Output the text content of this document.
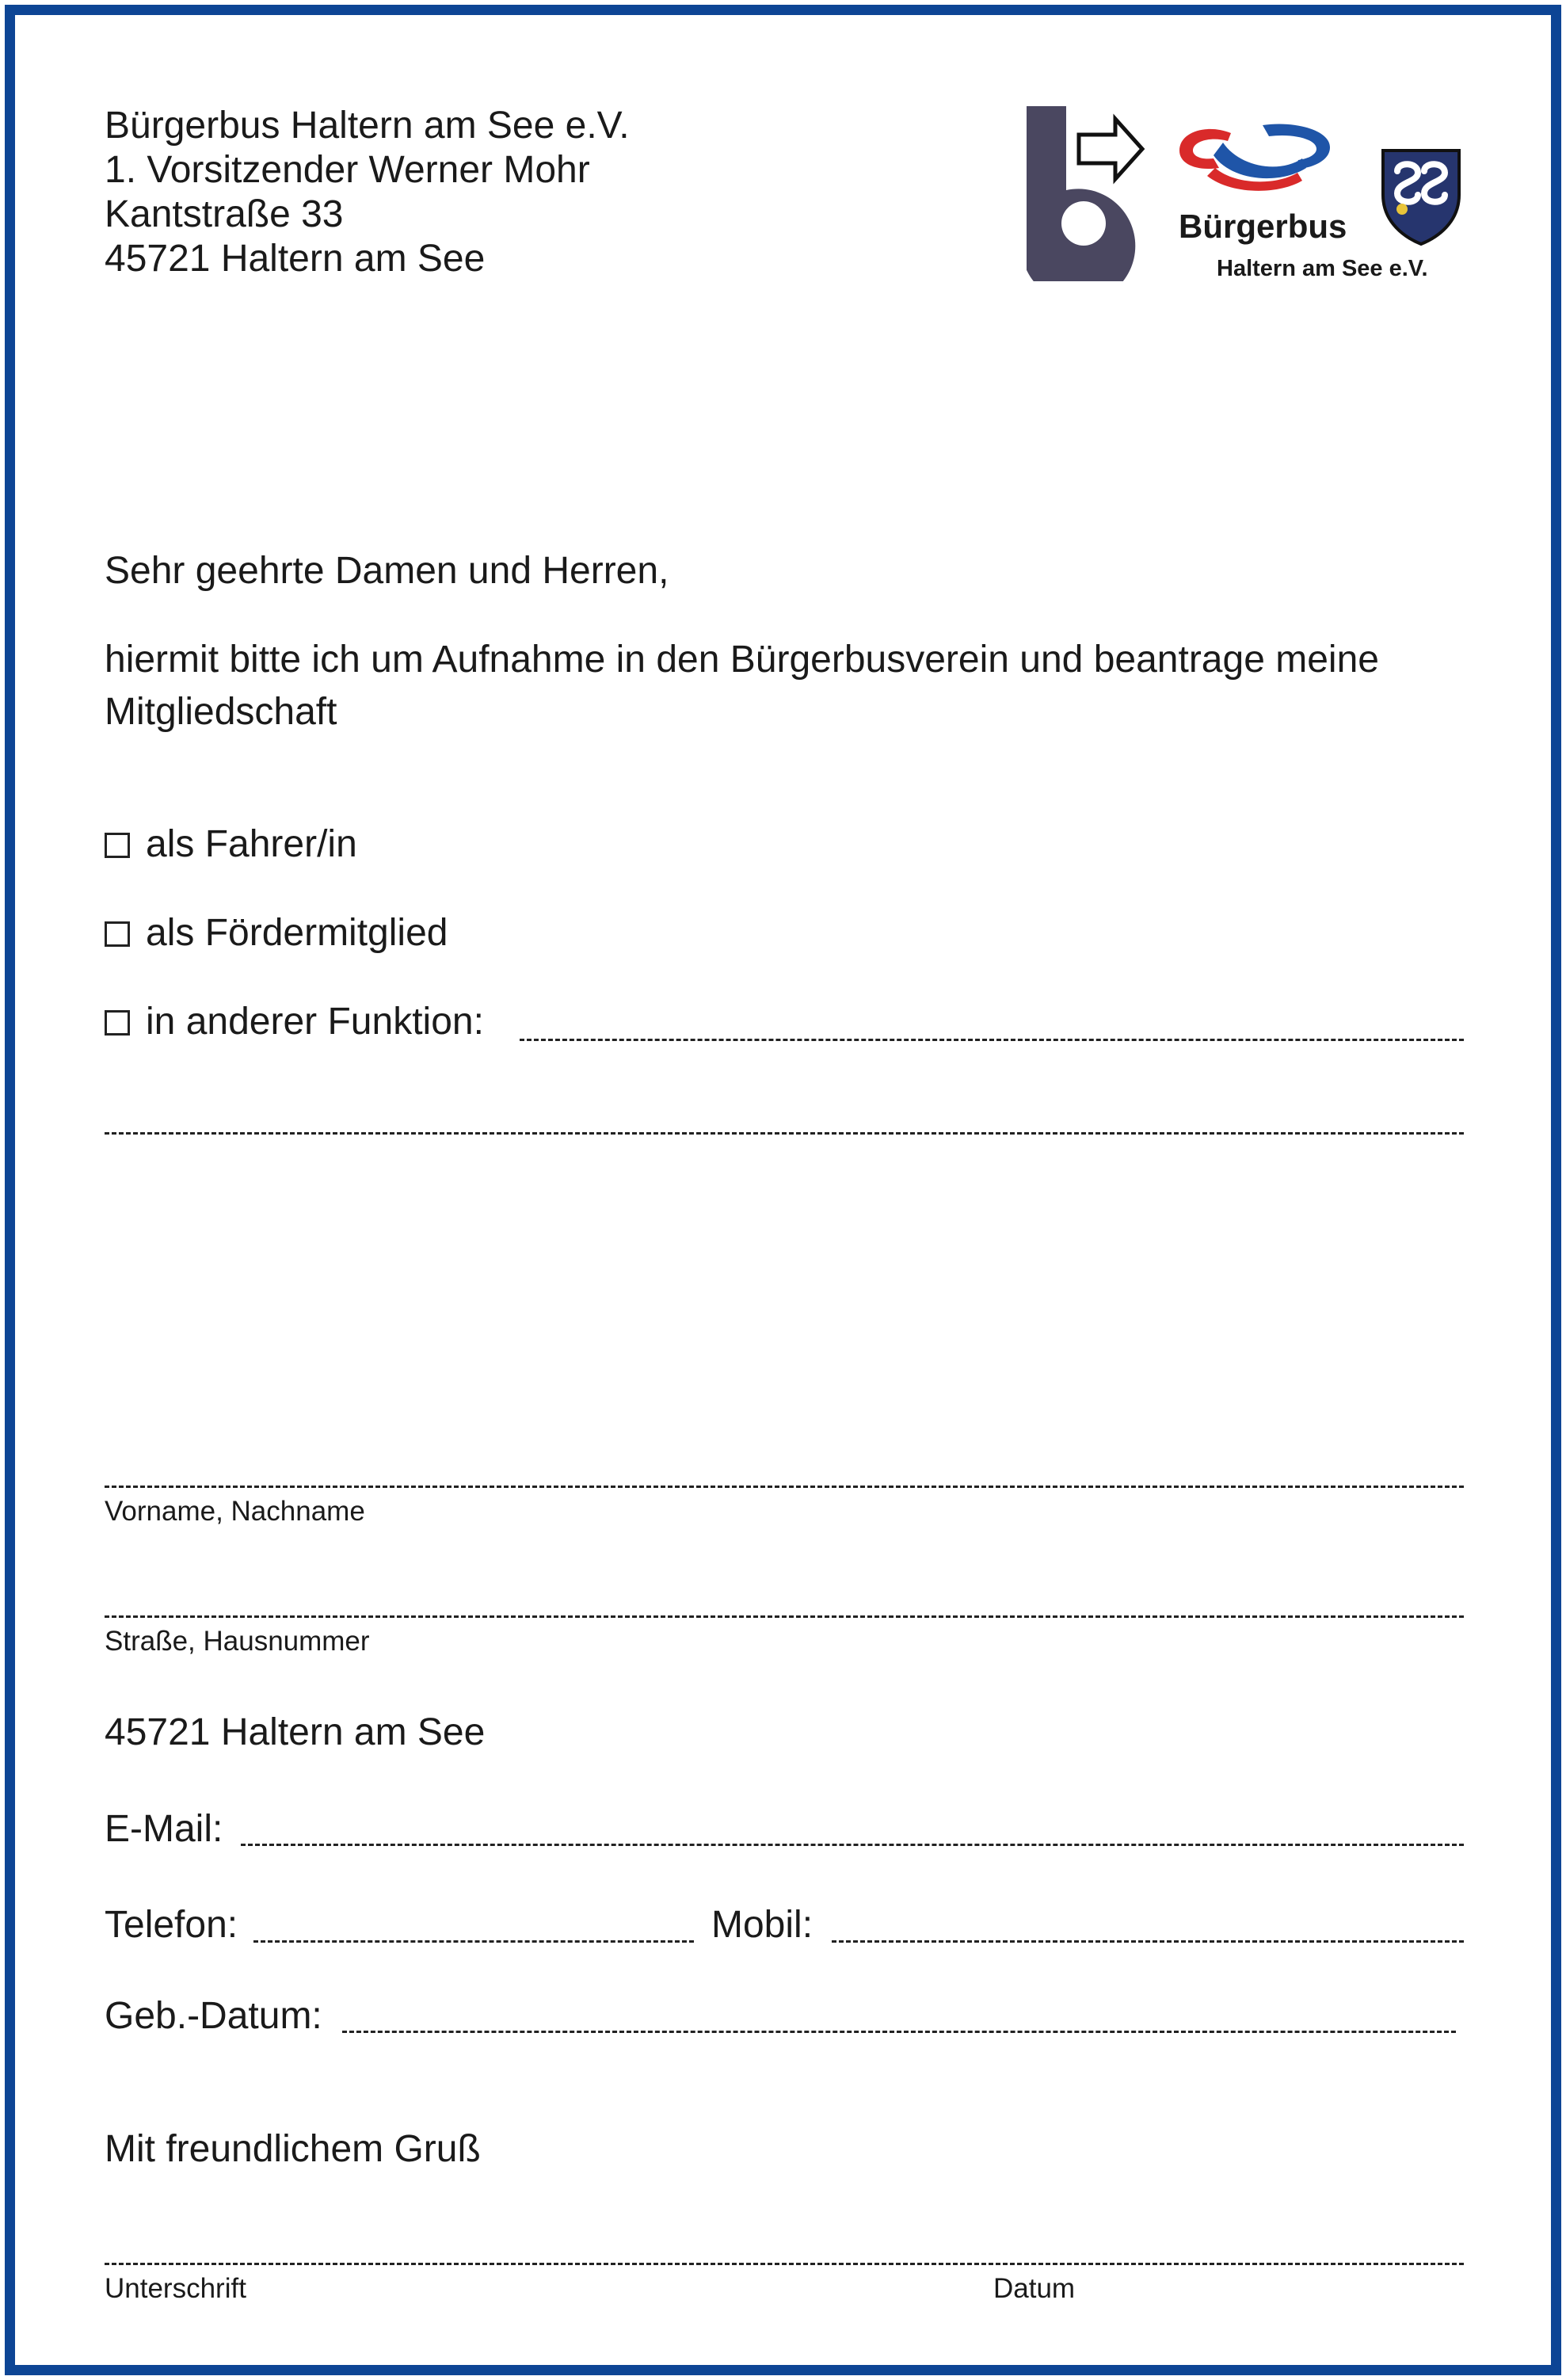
Bürgerbus Haltern am See e.V.
1. Vorsitzender Werner Mohr
Kantstraße 33
45721 Haltern am See
Bürgerbus
Haltern am See e.V.
Sehr geehrte Damen und Herren,
hiermit bitte ich um Aufnahme in den Bürgerbusverein und beantrage meine
Mitgliedschaft
als Fahrer/in
als Fördermitglied
in anderer Funktion:
Vorname, Nachname
Straße, Hausnummer
45721 Haltern am See
E-Mail:
Telefon:	Mobil:
Geb.-Datum:
Mit freundlichem Gruß
Unterschrift	Datum
